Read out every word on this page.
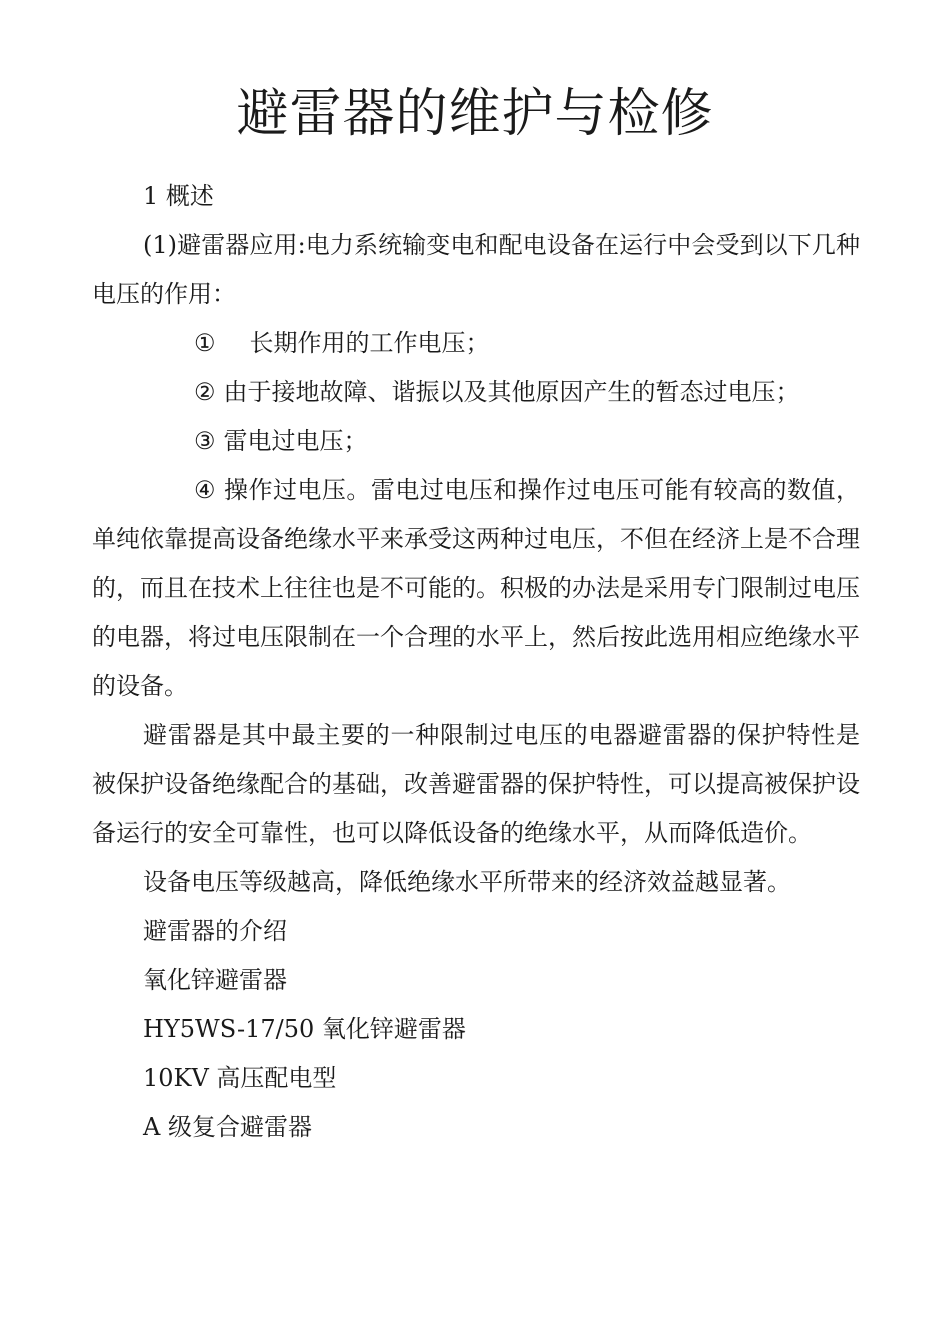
避雷器的维护与检修

1 概述

(1)避雷器应用:电力系统输变电和配电设备在运行中会受到以下几种电压的作用：

① 长期作用的工作电压；

② 由于接地故障、谐振以及其他原因产生的暂态过电压；

③ 雷电过电压；

④ 操作过电压。雷电过电压和操作过电压可能有较高的数值，单纯依靠提高设备绝缘水平来承受这两种过电压，不但在经济上是不合理的，而且在技术上往往也是不可能的。积极的办法是采用专门限制过电压的电器，将过电压限制在一个合理的水平上，然后按此选用相应绝缘水平的设备。

避雷器是其中最主要的一种限制过电压的电器避雷器的保护特性是被保护设备绝缘配合的基础，改善避雷器的保护特性，可以提高被保护设备运行的安全可靠性，也可以降低设备的绝缘水平，从而降低造价。

设备电压等级越高，降低绝缘水平所带来的经济效益越显著。

避雷器的介绍

氧化锌避雷器

HY5WS-17/50 氧化锌避雷器

10KV 高压配电型

A 级复合避雷器
